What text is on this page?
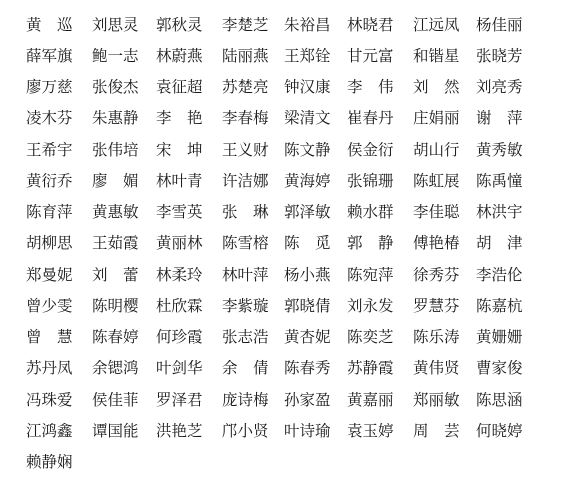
黄　巡 刘思灵 郭秋灵 李楚芝 朱裕昌 林晓君 江远凤 杨佳丽
薛军旗 鲍一志 林蔚燕 陆丽燕 王郑铨 甘元富 和锴星 张晓芳
廖万慈 张俊杰 袁征超 苏楚亮 钟汉康 李　伟 刘　然 刘亮秀
凌木芬 朱惠静 李　艳 李春梅 梁清文 崔春丹 庄娟丽 谢　萍
王希宇 张伟培 宋　坤 王义财 陈文静 侯金衍 胡山行 黄秀敏
黄衍乔 廖　媚 林叶青 许洁娜 黄海婷 张锦珊 陈虹展 陈禹憧
陈育萍 黄惠敏 李雪英 张　琳 郭泽敏 赖水群 李佳聪 林洪宇
胡柳思 王茹霞 黄丽林 陈雪榕 陈　觅 郭　静 傅艳椿 胡　津
郑曼妮 刘　蕾 林柔玲 林叶萍 杨小燕 陈宛萍 徐秀芬 李浩伦
曾少雯 陈明樱 杜欣霖 李紫璇 郭晓倩 刘永发 罗慧芬 陈嘉杭
曾　慧 陈春婷 何珍霞 张志浩 黄杏妮 陈奕芝 陈乐涛 黄姗姗
苏丹凤 余锶鸿 叶剑华 余　倩 陈春秀 苏静霞 黄伟贤 曹家俊
冯珠爱 侯佳菲 罗泽君 庞诗梅 孙家盈 黄嘉丽 郑丽敏 陈思涵
江鸿鑫 谭国能 洪艳芝 邝小贤 叶诗瑜 袁玉婷 周　芸 何晓婷
赖静娴
